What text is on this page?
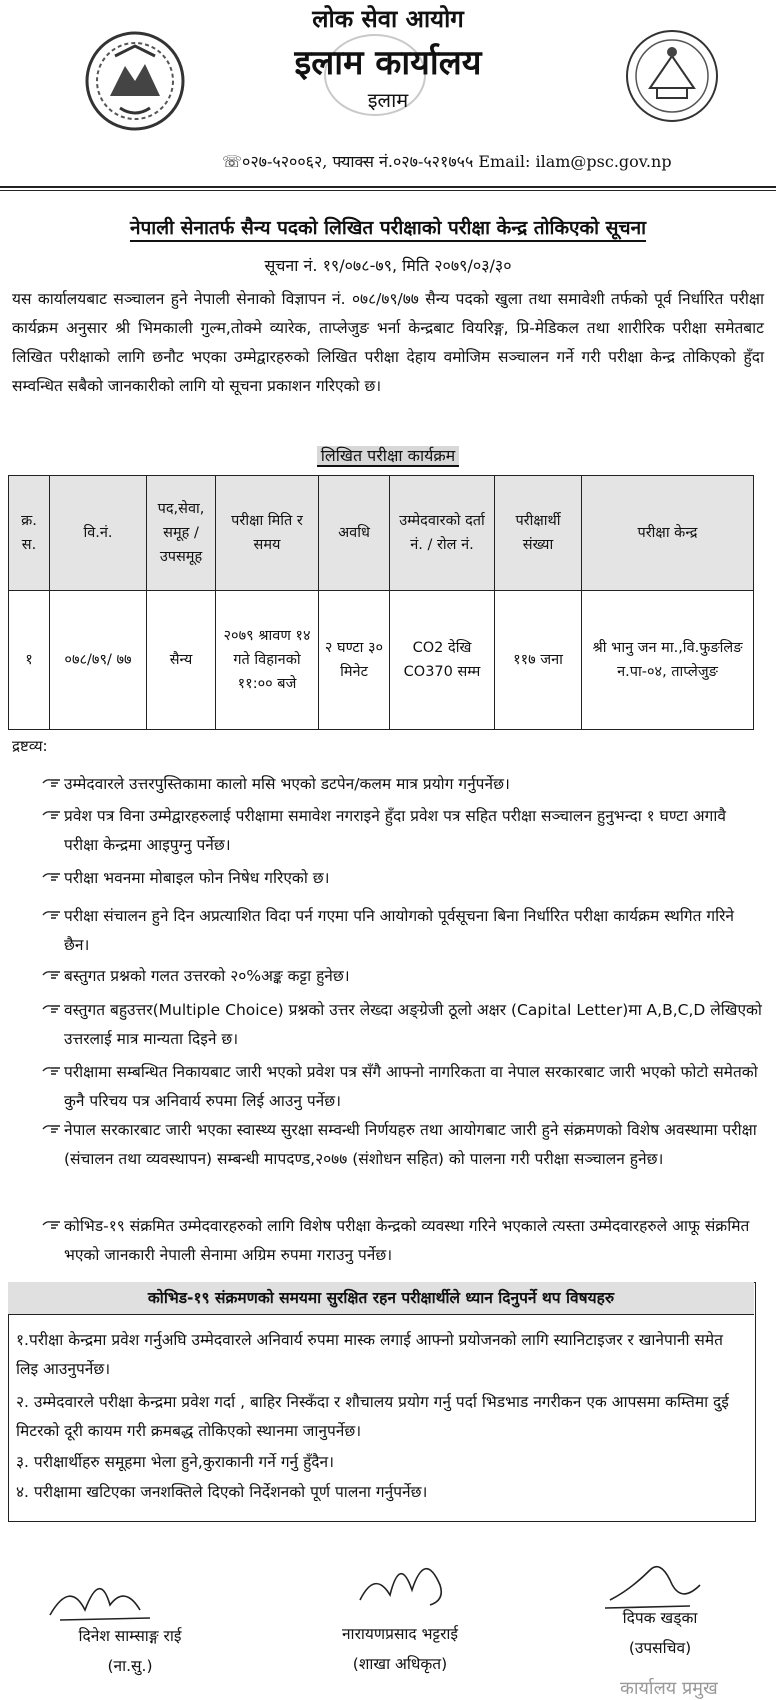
लोक सेवा आयोग
इलाम कार्यालय
इलाम
☏०२७-५२००६२, फ्याक्स नं.०२७-५२१७५५ Email: ilam@psc.gov.np
नेपाली सेनातर्फ सैन्य पदको लिखित परीक्षाको परीक्षा केन्द्र तोकिएको सूचना
सूचना नं. १९/०७८-७९, मिति २०७९/०३/३०
यस कार्यालयबाट सञ्चालन हुने नेपाली सेनाको विज्ञापन नं. ०७८/७९/७७ सैन्य पदको खुला तथा समावेशी तर्फको पूर्व निर्धारित परीक्षा कार्यक्रम अनुसार श्री भिमकाली गुल्म,तोक्मे व्यारेक, ताप्लेजुङ भर्ना केन्द्रबाट वियरिङ्ग, प्रि-मेडिकल तथा शारीरिक परीक्षा समेतबाट लिखित परीक्षाको लागि छनौट भएका उम्मेद्वारहरुको लिखित परीक्षा देहाय वमोजिम सञ्चालन गर्ने गरी परीक्षा केन्द्र तोकिएको हुँदा सम्वन्धित सबैको जानकारीको लागि यो सूचना प्रकाशन गरिएको छ।
लिखित परीक्षा कार्यक्रम
क्र. स.	वि.नं.	पद,सेवा, समूह / उपसमूह	परीक्षा मिति र समय	अवधि	उम्मेदवारको दर्ता नं. / रोल नं.	परीक्षार्थी संख्या	परीक्षा केन्द्र
१	०७८/७९/ ७७	सैन्य	२०७९ श्रावण १४ गते विहानको ११:०० बजे	२ घण्टा ३० मिनेट	CO2 देखि CO370 सम्म	११७ जना	श्री भानु जन मा.,वि.फुङलिङ न.पा-०४, ताप्लेजुङ
द्रष्टव्य:
उम्मेदवारले उत्तरपुस्तिकामा कालो मसि भएको डटपेन/कलम मात्र प्रयोग गर्नुपर्नेछ।
प्रवेश पत्र विना उम्मेद्वारहरुलाई परीक्षामा समावेश नगराइने हुँदा प्रवेश पत्र सहित परीक्षा सञ्चालन हुनुभन्दा १ घण्टा अगावै परीक्षा केन्द्रमा आइपुग्नु पर्नेछ।
परीक्षा भवनमा मोबाइल फोन निषेध गरिएको छ।
परीक्षा संचालन हुने दिन अप्रत्याशित विदा पर्न गएमा पनि आयोगको पूर्वसूचना बिना निर्धारित परीक्षा कार्यक्रम स्थगित गरिने छैन।
बस्तुगत प्रश्नको गलत उत्तरको २०%अङ्क कट्टा हुनेछ।
वस्तुगत बहुउत्तर(Multiple Choice) प्रश्नको उत्तर लेख्दा अङ्ग्रेजी ठूलो अक्षर (Capital Letter)मा A,B,C,D लेखिएको उत्तरलाई मात्र मान्यता दिइने छ।
परीक्षामा सम्बन्धित निकायबाट जारी भएको प्रवेश पत्र सँगै आफ्नो नागरिकता वा नेपाल सरकारबाट जारी भएको फोटो समेतको कुनै परिचय पत्र अनिवार्य रुपमा लिई आउनु पर्नेछ।
नेपाल सरकारबाट जारी भएका स्वास्थ्य सुरक्षा सम्वन्धी निर्णयहरु तथा आयोगबाट जारी हुने संक्रमणको विशेष अवस्थामा परीक्षा (संचालन तथा व्यवस्थापन) सम्बन्धी मापदण्ड,२०७७ (संशोधन सहित) को पालना गरी परीक्षा सञ्चालन हुनेछ।
कोभिड-१९ संक्रमित उम्मेदवारहरुको लागि विशेष परीक्षा केन्द्रको व्यवस्था गरिने भएकाले त्यस्ता उम्मेदवारहरुले आफू संक्रमित भएको जानकारी नेपाली सेनामा अग्रिम रुपमा गराउनु पर्नेछ।
कोभिड-१९ संक्रमणको समयमा सुरक्षित रहन परीक्षार्थीले ध्यान दिनुपर्ने थप विषयहरु
१.परीक्षा केन्द्रमा प्रवेश गर्नुअघि उम्मेदवारले अनिवार्य रुपमा मास्क लगाई आफ्नो प्रयोजनको लागि स्यानिटाइजर र खानेपानी समेत लिइ आउनुपर्नेछ।
२. उम्मेदवारले परीक्षा केन्द्रमा प्रवेश गर्दा , बाहिर निस्कँदा र शौचालय प्रयोग गर्नु पर्दा भिडभाड नगरीकन एक आपसमा कम्तिमा दुई मिटरको दूरी कायम गरी क्रमबद्ध तोकिएको स्थानमा जानुपर्नेछ।
३. परीक्षार्थीहरु समूहमा भेला हुने,कुराकानी गर्ने गर्नु हुँदैन।
४. परीक्षामा खटिएका जनशक्तिले दिएको निर्देशनको पूर्ण पालना गर्नुपर्नेछ।
दिनेश साम्साङ्ग राई
(ना.सु.)
नारायणप्रसाद भट्टराई
(शाखा अधिकृत)
दिपक खड्का
(उपसचिव)
कार्यालय प्रमुख
